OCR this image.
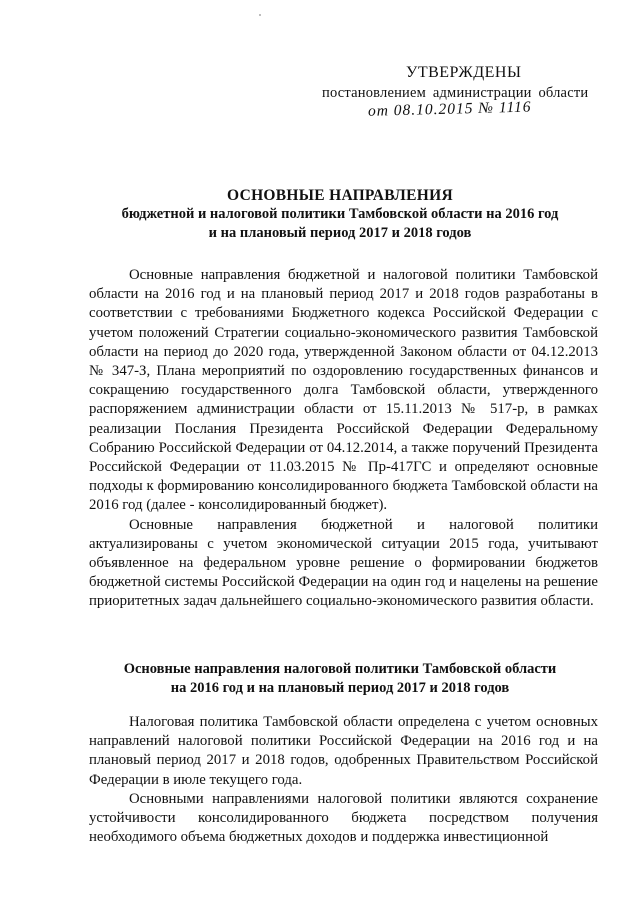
УТВЕРЖДЕНЫ
постановлением администрации области
от 08.10.2015 № 1116
ОСНОВНЫЕ НАПРАВЛЕНИЯ
бюджетной и налоговой политики Тамбовской области на 2016 год
и на плановый период 2017 и 2018 годов

Основные направления бюджетной и налоговой политики Тамбовской области на 2016 год и на плановый период 2017 и 2018 годов разработаны в соответствии с требованиями Бюджетного кодекса Российской Федерации с учетом положений Стратегии социально-экономического развития Тамбовской области на период до 2020 года, утвержденной Законом области от 04.12.2013 № 347-З, Плана мероприятий по оздоровлению государственных финансов и сокращению государственного долга Тамбовской области, утвержденного распоряжением администрации области от 15.11.2013 № 517-р, в рамках реализации Послания Президента Российской Федерации Федеральному Собранию Российской Федерации от 04.12.2014, а также поручений Президента Российской Федерации от 11.03.2015 № Пр-417ГС и определяют основные подходы к формированию консолидированного бюджета Тамбовской области на 2016 год (далее - консолидированный бюджет).

Основные направления бюджетной и налоговой политики актуализированы с учетом экономической ситуации 2015 года, учитывают объявленное на федеральном уровне решение о формировании бюджетов бюджетной системы Российской Федерации на один год и нацелены на решение приоритетных задач дальнейшего социально-экономического развития области.

Основные направления налоговой политики Тамбовской области
на 2016 год и на плановый период 2017 и 2018 годов

Налоговая политика Тамбовской области определена с учетом основных направлений налоговой политики Российской Федерации на 2016 год и на плановый период 2017 и 2018 годов, одобренных Правительством Российской Федерации в июле текущего года.

Основными направлениями налоговой политики являются сохранение устойчивости консолидированного бюджета посредством получения необходимого объема бюджетных доходов и поддержка инвестиционной
